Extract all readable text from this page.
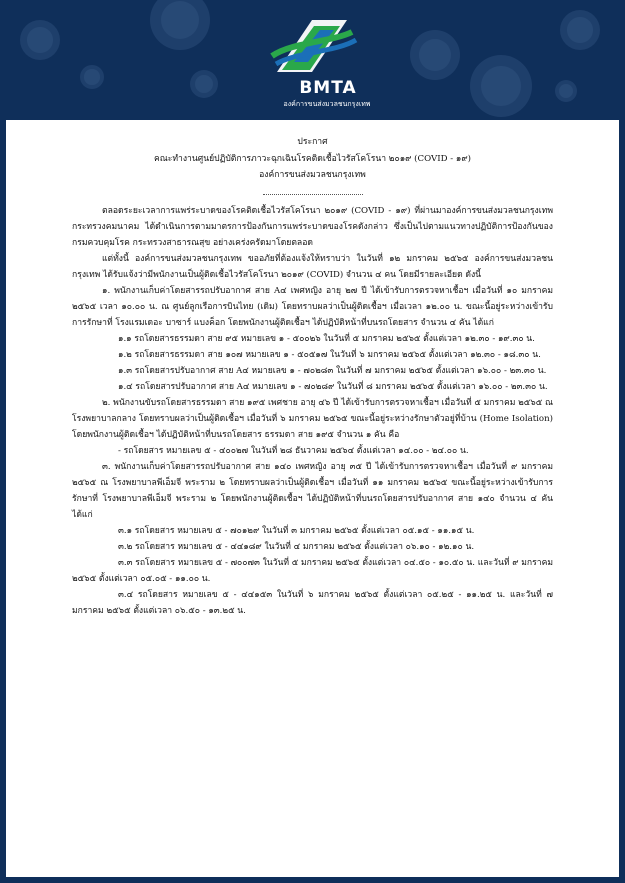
BMTA
องค์การขนส่งมวลชนกรุงเทพ
ประกาศ
คณะทำงานศูนย์ปฏิบัติการภาวะฉุกเฉินโรคติดเชื้อไวรัสโคโรนา ๒๐๑๙ (COVID - ๑๙)
องค์การขนส่งมวลชนกรุงเทพ

ตลอดระยะเวลาการแพร่ระบาดของโรคติดเชื้อไวรัสโคโรนา ๒๐๑๙ (COVID - ๑๙) ที่ผ่านมาองค์การขนส่งมวลชนกรุงเทพ กระทรวงคมนาคม ได้ดำเนินการตามมาตรการป้องกันการแพร่ระบาดของโรคดังกล่าว ซึ่งเป็นไปตามแนวทางปฏิบัติการป้องกันของกรมควบคุมโรค กระทรวงสาธารณสุข อย่างเคร่งครัดมาโดยตลอด

แต่ทั้งนี้ องค์การขนส่งมวลชนกรุงเทพ ขออภัยที่ต้องแจ้งให้ทราบว่า ในวันที่ ๑๒ มกราคม ๒๕๖๕ องค์การขนส่งมวลชนกรุงเทพ ได้รับแจ้งว่ามีพนักงานเป็นผู้ติดเชื้อไวรัสโคโรนา ๒๐๑๙ (COVID) จำนวน ๔ คน โดยมีรายละเอียด ดังนี้

๑. พนักงานเก็บค่าโดยสารรถปรับอากาศ สาย A๔ เพศหญิง อายุ ๒๗ ปี ได้เข้ารับการตรวจหาเชื้อฯ เมื่อวันที่ ๑๐ มกราคม ๒๕๖๕ เวลา ๑๐.๐๐ น. ณ ศูนย์ลูกเรือการบินไทย (เดิม) โดยทราบผลว่าเป็นผู้ติดเชื้อฯ เมื่อเวลา ๑๒.๐๐ น. ขณะนี้อยู่ระหว่างเข้ารับการรักษาที่ โรงแรมเดอะ บาซาร์ แบงค็อก โดยพนักงานผู้ติดเชื้อฯ ได้ปฏิบัติหน้าที่บนรถโดยสาร จำนวน ๔ คัน ได้แก่

๑.๑ รถโดยสารธรรมดา สาย ๙๕ หมายเลข ๑ - ๕๐๐๒๖ ในวันที่ ๕ มกราคม ๒๕๖๕ ตั้งแต่เวลา ๑๒.๓๐ - ๑๙.๓๐ น.

๑.๒ รถโดยสารธรรมดา สาย ๑๐๗ หมายเลข ๑ - ๕๐๕๑๗ ในวันที่ ๖ มกราคม ๒๕๖๕ ตั้งแต่เวลา ๑๒.๓๐ - ๑๘.๓๐ น.

๑.๓ รถโดยสารปรับอากาศ สาย A๔ หมายเลข ๑ - ๗๐๒๘๓ ในวันที่ ๗ มกราคม ๒๕๖๕ ตั้งแต่เวลา ๑๖.๐๐ - ๒๓.๓๐ น.

๑.๔ รถโดยสารปรับอากาศ สาย A๔ หมายเลข ๑ - ๗๐๒๘๙ ในวันที่ ๘ มกราคม ๒๕๖๕ ตั้งแต่เวลา ๑๖.๐๐ - ๒๓.๓๐ น.

๒. พนักงานขับรถโดยสารธรรมดา สาย ๑๙๕ เพศชาย อายุ ๔๖ ปี ได้เข้ารับการตรวจหาเชื้อฯ เมื่อวันที่ ๕ มกราคม ๒๕๖๕ ณ โรงพยาบาลกลาง โดยทราบผลว่าเป็นผู้ติดเชื้อฯ เมื่อวันที่ ๖ มกราคม ๒๕๖๕ ขณะนี้อยู่ระหว่างรักษาตัวอยู่ที่บ้าน (Home Isolation) โดยพนักงานผู้ติดเชื้อฯ ได้ปฏิบัติหน้าที่บนรถโดยสาร ธรรมดา สาย ๑๙๕ จำนวน ๑ คัน คือ

- รถโดยสาร หมายเลข ๕ - ๔๐๐๒๗ ในวันที่ ๒๘ ธันวาคม ๒๕๖๔ ตั้งแต่เวลา ๑๔.๐๐ - ๒๔.๐๐ น.

๓. พนักงานเก็บค่าโดยสารรถปรับอากาศ สาย ๑๔๐ เพศหญิง อายุ ๓๕ ปี ได้เข้ารับการตรวจหาเชื้อฯ เมื่อวันที่ ๙ มกราคม ๒๕๖๕ ณ โรงพยาบาลพีเอ็มจี พระราม ๒ โดยทราบผลว่าเป็นผู้ติดเชื้อฯ เมื่อวันที่ ๑๑ มกราคม ๒๕๖๕ ขณะนี้อยู่ระหว่างเข้ารับการรักษาที่ โรงพยาบาลพีเอ็มจี พระราม ๒ โดยพนักงานผู้ติดเชื้อฯ ได้ปฏิบัติหน้าที่บนรถโดยสารปรับอากาศ สาย ๑๔๐ จำนวน ๔ คัน ได้แก่

๓.๑ รถโดยสาร หมายเลข ๕ - ๗๐๑๒๙ ในวันที่ ๓ มกราคม ๒๕๖๕ ตั้งแต่เวลา ๐๕.๑๕ - ๑๑.๑๕ น.

๓.๒ รถโดยสาร หมายเลข ๕ - ๔๔๑๘๙ ในวันที่ ๔ มกราคม ๒๕๖๕ ตั้งแต่เวลา ๐๖.๑๐ - ๑๒.๑๐ น.

๓.๓ รถโดยสาร หมายเลข ๕ - ๗๐๐๗๓ ในวันที่ ๕ มกราคม ๒๕๖๕ ตั้งแต่เวลา ๐๔.๕๐ - ๑๐.๕๐ น. และวันที่ ๙ มกราคม ๒๕๖๕ ตั้งแต่เวลา ๐๕.๐๕ - ๑๑.๐๐ น.

๓.๔ รถโดยสาร หมายเลข ๕ - ๔๔๑๕๓ ในวันที่ ๖ มกราคม ๒๕๖๕ ตั้งแต่เวลา ๐๕.๒๕ - ๑๑.๒๕ น. และวันที่ ๗ มกราคม ๒๕๖๕ ตั้งแต่เวลา ๐๖.๕๐ - ๑๓.๒๕ น.
